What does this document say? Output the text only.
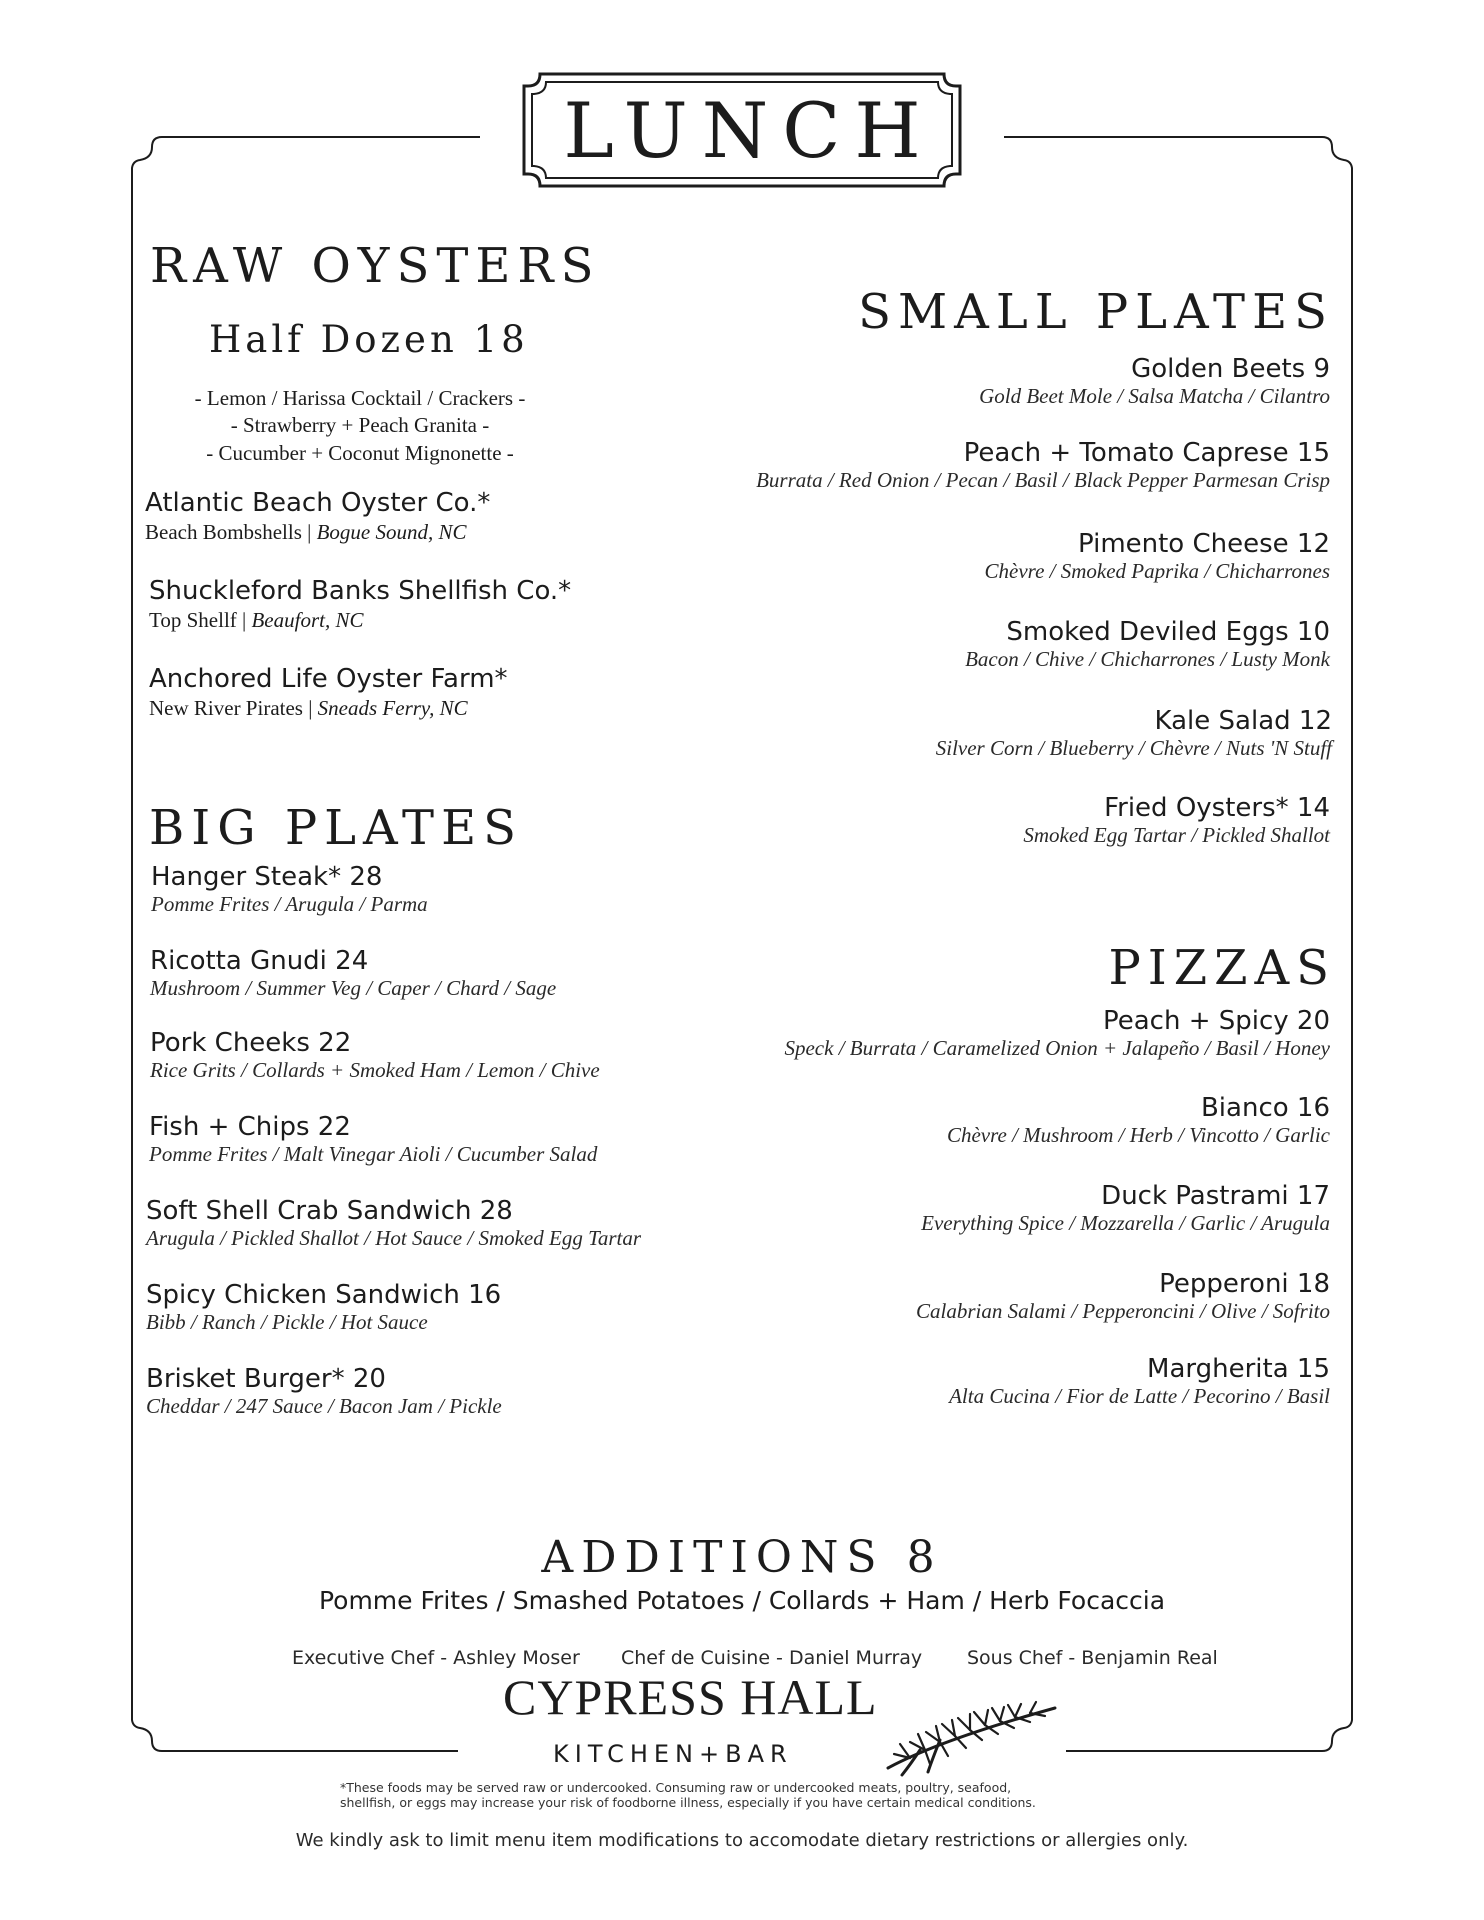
LUNCH
RAW OYSTERS
Half Dozen 18
- Lemon / Harissa Cocktail / Crackers -
- Strawberry + Peach Granita -
- Cucumber + Coconut Mignonette -
Atlantic Beach Oyster Co.*
Beach Bombshells | Bogue Sound, NC
Shuckleford Banks Shellfish Co.*
Top Shellf | Beaufort, NC
Anchored Life Oyster Farm*
New River Pirates | Sneads Ferry, NC
BIG PLATES
Hanger Steak* 28
Pomme Frites / Arugula / Parma
Ricotta Gnudi 24
Mushroom / Summer Veg / Caper / Chard / Sage
Pork Cheeks 22
Rice Grits / Collards + Smoked Ham / Lemon / Chive
Fish + Chips 22
Pomme Frites / Malt Vinegar Aioli / Cucumber Salad
Soft Shell Crab Sandwich 28
Arugula / Pickled Shallot / Hot Sauce / Smoked Egg Tartar
Spicy Chicken Sandwich 16
Bibb / Ranch / Pickle / Hot Sauce
Brisket Burger* 20
Cheddar / 247 Sauce / Bacon Jam / Pickle
SMALL PLATES
Golden Beets 9
Gold Beet Mole / Salsa Matcha / Cilantro
Peach + Tomato Caprese 15
Burrata / Red Onion / Pecan / Basil / Black Pepper Parmesan Crisp
Pimento Cheese 12
Chèvre / Smoked Paprika / Chicharrones
Smoked Deviled Eggs 10
Bacon / Chive / Chicharrones / Lusty Monk
Kale Salad 12
Silver Corn / Blueberry / Chèvre / Nuts 'N Stuff
Fried Oysters* 14
Smoked Egg Tartar / Pickled Shallot
PIZZAS
Peach + Spicy 20
Speck / Burrata / Caramelized Onion + Jalapeño / Basil / Honey
Bianco 16
Chèvre / Mushroom / Herb / Vincotto / Garlic
Duck Pastrami 17
Everything Spice / Mozzarella / Garlic / Arugula
Pepperoni 18
Calabrian Salami / Pepperoncini / Olive / Sofrito
Margherita 15
Alta Cucina / Fior de Latte / Pecorino / Basil
ADDITIONS 8
Pomme Frites / Smashed Potatoes / Collards + Ham / Herb Focaccia
Executive Chef - Ashley Moser Chef de Cuisine - Daniel Murray Sous Chef - Benjamin Real
CYPRESS HALL
KITCHEN+BAR
*These foods may be served raw or undercooked. Consuming raw or undercooked meats, poultry, seafood,
shellfish, or eggs may increase your risk of foodborne illness, especially if you have certain medical conditions.
We kindly ask to limit menu item modifications to accomodate dietary restrictions or allergies only.
